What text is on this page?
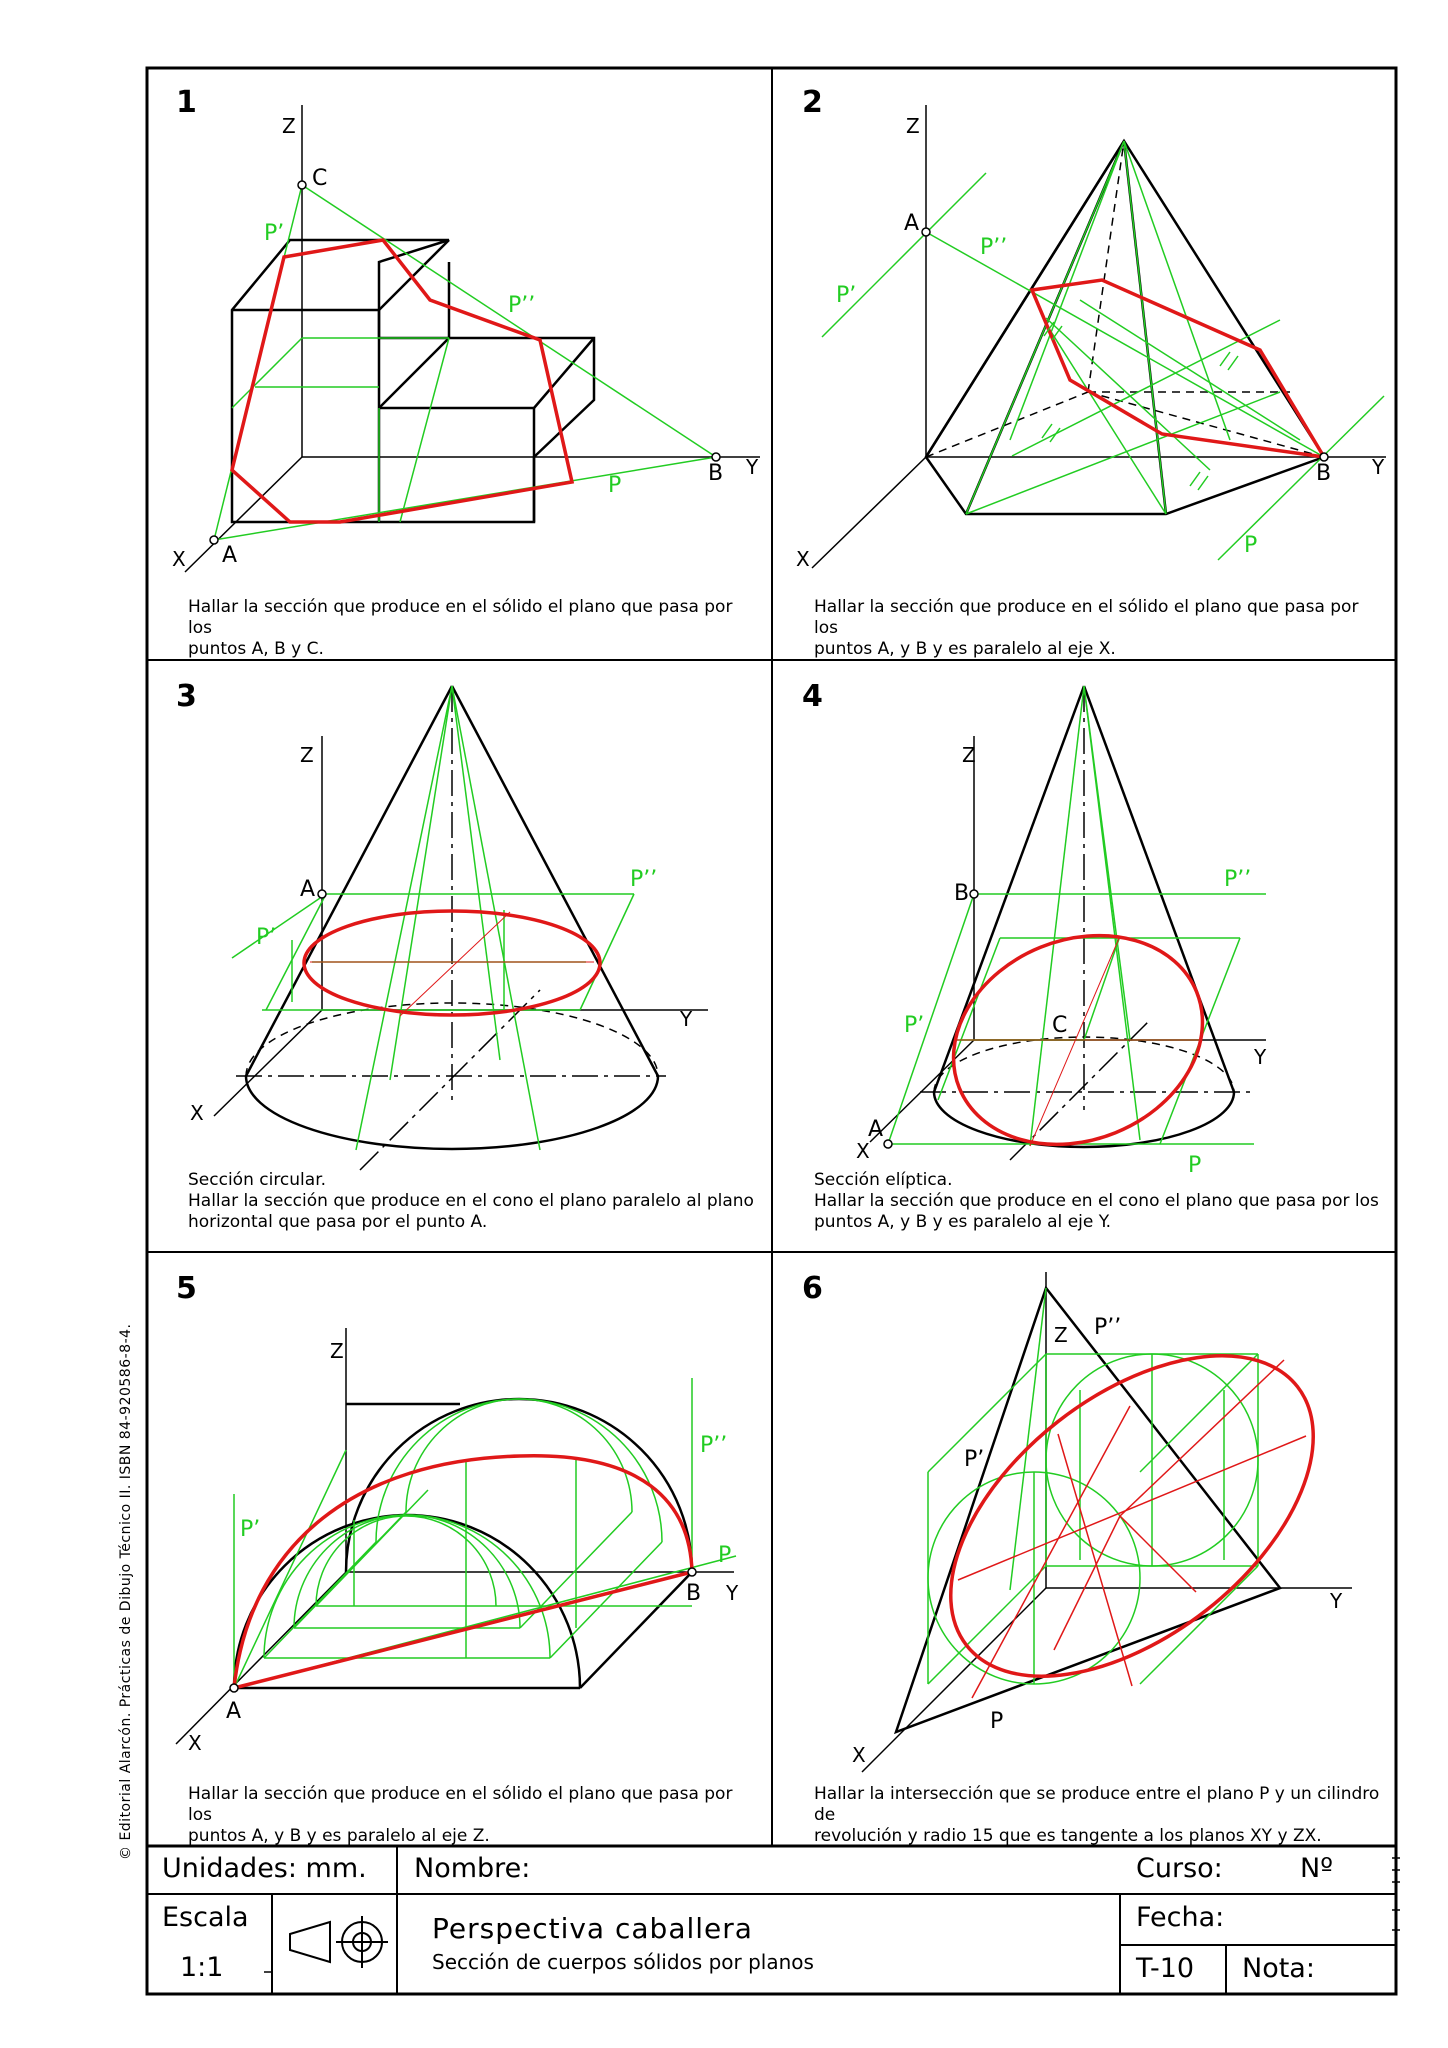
1	2
3	4
5	6
Z
C
P’
P’’
P	B Y
A
X
Z
A
P’’
P’
B Y
P
X
Z
A	P’’
P’
Y
X
Z
B
P’’
P’	C
Y
A
X
P
Z
P’’
P’
P
B Y
A
X
Z P’’
P’
Y
P
X
Hallar la sección que produce en el sólido el plano que pasa por los
puntos A, B y C.
Hallar la sección que produce en el sólido el plano que pasa por los
puntos A, y B y es paralelo al eje X.
Sección circular.
Hallar la sección que produce en el cono el plano paralelo al plano
horizontal que pasa por el punto A.
Sección elíptica.
Hallar la sección que produce en el cono el plano que pasa por los
puntos A, y B y es paralelo al eje Y.
Hallar la sección que produce en el sólido el plano que pasa por los
puntos A, y B y es paralelo al eje Z.
Hallar la intersección que se produce entre el plano P y un cilindro de
revolución y radio 15 que es tangente a los planos XY y ZX.
Unidades: mm. Nombre:	Curso:	Nº
Escala
1:1
Perspectiva caballera
Sección de cuerpos sólidos por planos
Fecha:
T-10 Nota:
© Editorial Alarcón. Prácticas de Dibujo Técnico II. ISBN 84-920586-8-4.
